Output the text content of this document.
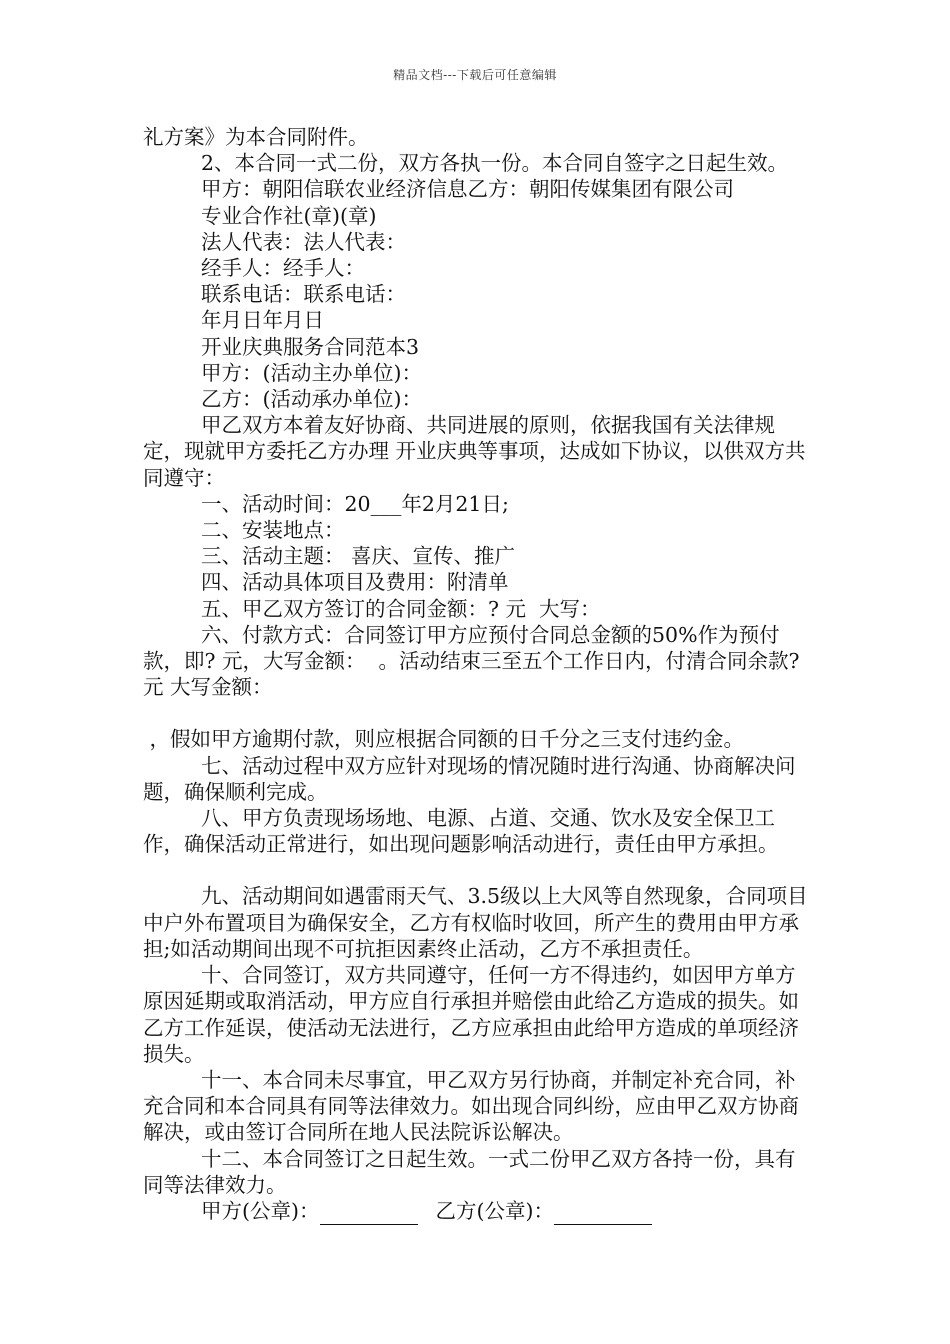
精品文档---下载后可任意编辑

礼方案》为本合同附件。

2、本合同一式二份，双方各执一份。本合同自签字之日起生效。

甲方：朝阳信联农业经济信息乙方：朝阳传媒集团有限公司

专业合作社(章)(章)

法人代表：法人代表：

经手人：经手人：

联系电话：联系电话：

年月日年月日

开业庆典服务合同范本3

甲方：(活动主办单位)：

乙方：(活动承办单位)：

甲乙双方本着友好协商、共同进展的原则，依据我国有关法律规定，现就甲方委托乙方办理 开业庆典等事项，达成如下协议，以供双方共同遵守：

一、活动时间：20___年2月21日;

二、安装地点：

三、活动主题： 喜庆、宣传、推广

四、活动具体项目及费用：附清单

五、甲乙双方签订的合同金额：? 元  大写：

六、付款方式：合同签订甲方应预付合同总金额的50%作为预付款，即? 元，大写金额：  。活动结束三至五个工作日内，付清合同余款? 元 大写金额：

，假如甲方逾期付款，则应根据合同额的日千分之三支付违约金。

七、活动过程中双方应针对现场的情况随时进行沟通、协商解决问题，确保顺利完成。

八、甲方负责现场场地、电源、占道、交通、饮水及安全保卫工作，确保活动正常进行，如出现问题影响活动进行，责任由甲方承担。

九、活动期间如遇雷雨天气、3.5级以上大风等自然现象，合同项目中户外布置项目为确保安全，乙方有权临时收回，所产生的费用由甲方承担;如活动期间出现不可抗拒因素终止活动，乙方不承担责任。

十、合同签订，双方共同遵守，任何一方不得违约，如因甲方单方原因延期或取消活动，甲方应自行承担并赔偿由此给乙方造成的损失。如乙方工作延误，使活动无法进行，乙方应承担由此给甲方造成的单项经济损失。

十一、本合同未尽事宜，甲乙双方另行协商，并制定补充合同，补充合同和本合同具有同等法律效力。如出现合同纠纷，应由甲乙双方协商解决，或由签订合同所在地人民法院诉讼解决。

十二、本合同签订之日起生效。一式二份甲乙双方各持一份，具有同等法律效力。

甲方(公章)：	乙方(公章)：
